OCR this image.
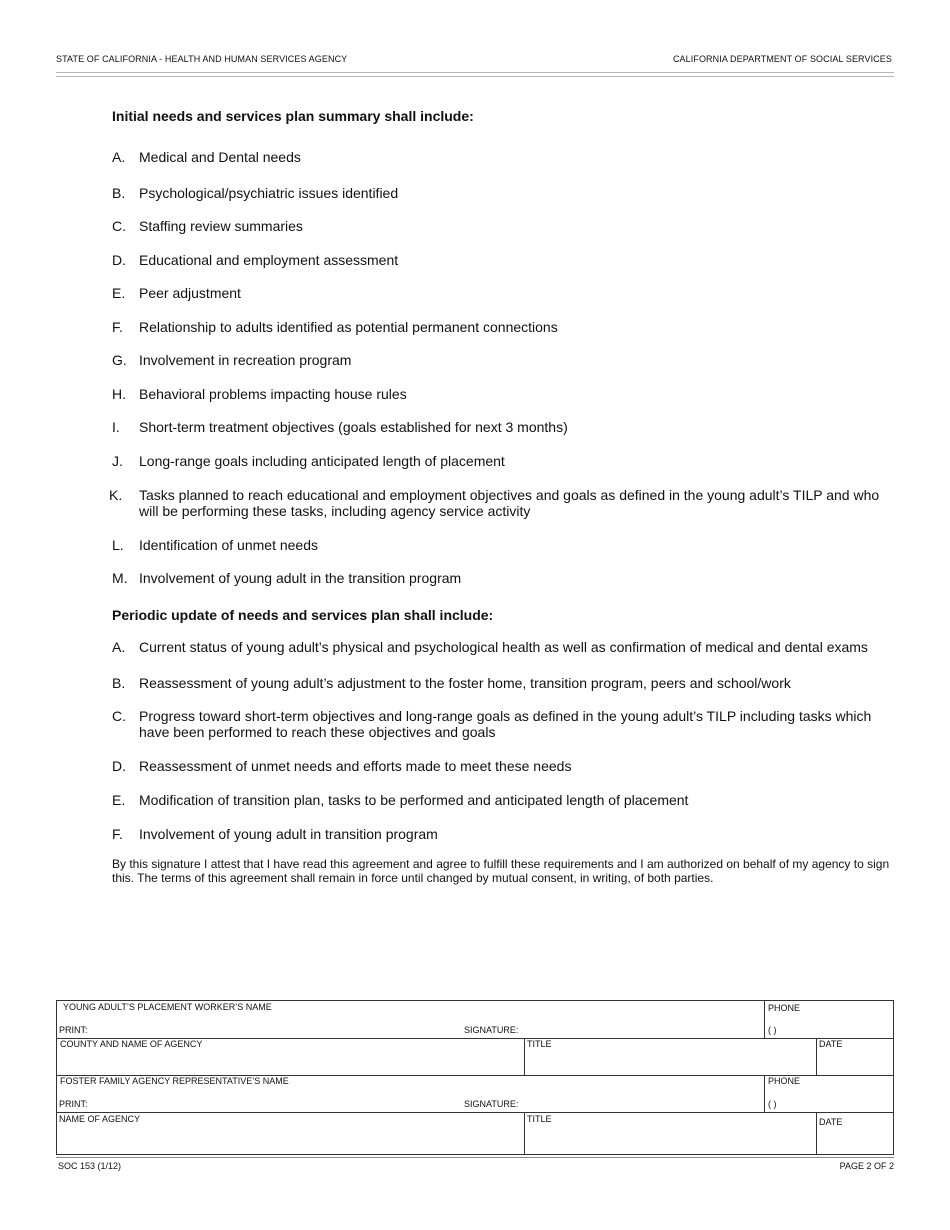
STATE OF CALIFORNIA - HEALTH AND HUMAN SERVICES AGENCY	CALIFORNIA DEPARTMENT OF SOCIAL SERVICES
Initial needs and services plan summary shall include:
A. Medical and Dental needs
B. Psychological/psychiatric issues identified
C. Staffing review summaries
D. Educational and employment assessment
E. Peer adjustment
F. Relationship to adults identified as potential permanent connections
G. Involvement in recreation program
H. Behavioral problems impacting house rules
I. Short-term treatment objectives (goals established for next 3 months)
J. Long-range goals including anticipated length of placement
K. Tasks planned to reach educational and employment objectives and goals as defined in the young adult’s TILP and who will be performing these tasks, including agency service activity
L. Identification of unmet needs
M. Involvement of young adult in the transition program
Periodic update of needs and services plan shall include:
A. Current status of young adult’s physical and psychological health as well as confirmation of medical and dental exams
B. Reassessment of young adult’s adjustment to the foster home, transition program, peers and school/work
C. Progress toward short-term objectives and long-range goals as defined in the young adult’s TILP including tasks which have been performed to reach these objectives and goals
D. Reassessment of unmet needs and efforts made to meet these needs
E. Modification of transition plan, tasks to be performed and anticipated length of placement
F. Involvement of young adult in transition program
By this signature I attest that I have read this agreement and agree to fulfill these requirements and I am authorized on behalf of my agency to sign this. The terms of this agreement shall remain in force until changed by mutual consent, in writing, of both parties.
YOUNG ADULT’S PLACEMENT WORKER’S NAME
PRINT:	SIGNATURE:
PHONE
( )
COUNTY AND NAME OF AGENCY	TITLE	DATE
FOSTER FAMILY AGENCY REPRESENTATIVE’S NAME
PRINT:	SIGNATURE:
PHONE
( )
NAME OF AGENCY	TITLE	DATE
SOC 153 (1/12)	PAGE 2 OF 2
